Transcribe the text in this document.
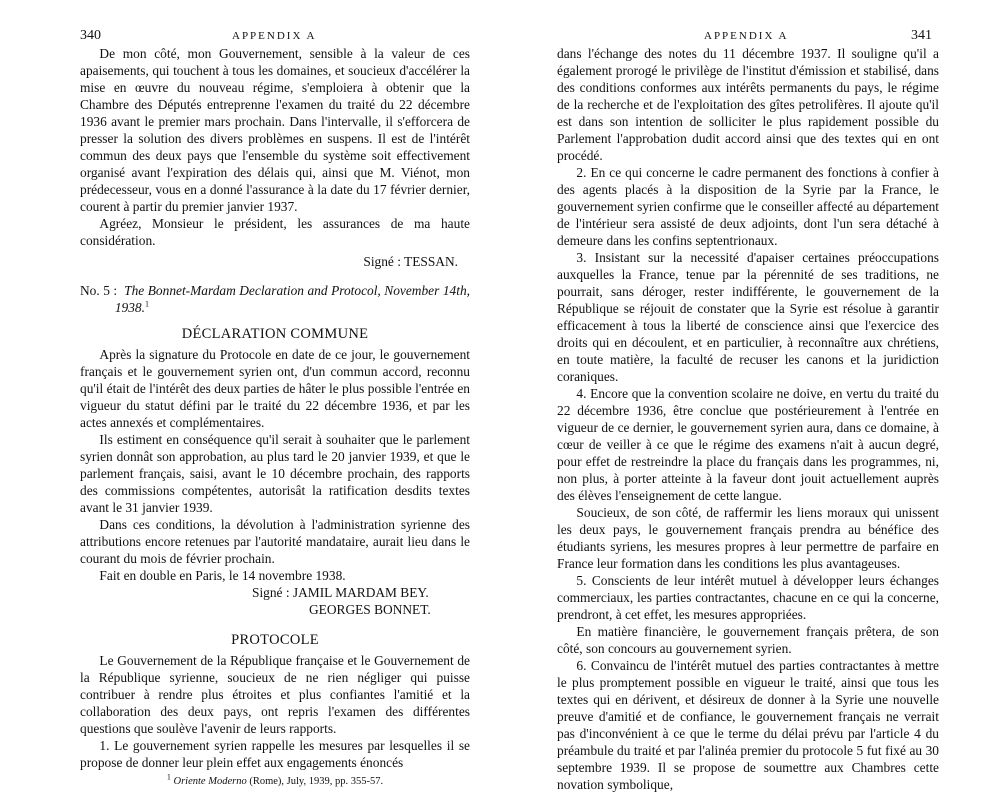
340	APPENDIX A

De mon côté, mon Gouvernement, sensible à la valeur de ces apaisements, qui touchent à tous les domaines, et soucieux d'accélérer la mise en œuvre du nouveau régime, s'emploiera à obtenir que la Chambre des Députés entreprenne l'examen du traité du 22 décembre 1936 avant le premier mars prochain. Dans l'intervalle, il s'efforcera de presser la solution des divers problèmes en suspens. Il est de l'intérêt commun des deux pays que l'ensemble du système soit effectivement organisé avant l'expiration des délais qui, ainsi que M. Viénot, mon prédecesseur, vous en a donné l'assurance à la date du 17 février dernier, courent à partir du premier janvier 1937.

Agréez, Monsieur le président, les assurances de ma haute considération.

Signé : TESSAN.

No. 5 : The Bonnet-Mardam Declaration and Protocol, November 14th, 1938.$^1$

DÉCLARATION COMMUNE

Après la signature du Protocole en date de ce jour, le gouvernement français et le gouvernement syrien ont, d'un commun accord, reconnu qu'il était de l'intérêt des deux parties de hâter le plus possible l'entrée en vigueur du statut défini par le traité du 22 décembre 1936, et par les actes annexés et complémentaires.

Ils estiment en conséquence qu'il serait à souhaiter que le parlement syrien donnât son approbation, au plus tard le 20 janvier 1939, et que le parlement français, saisi, avant le 10 décembre prochain, des rapports des commissions compétentes, autorisât la ratification desdits textes avant le 31 janvier 1939.

Dans ces conditions, la dévolution à l'administration syrienne des attributions encore retenues par l'autorité mandataire, aurait lieu dans le courant du mois de février prochain.

Fait en double en Paris, le 14 novembre 1938.

Signé : JAMIL MARDAM BEY.
GEORGES BONNET.

PROTOCOLE

Le Gouvernement de la République française et le Gouvernement de la République syrienne, soucieux de ne rien négliger qui puisse contribuer à rendre plus étroites et plus confiantes l'amitié et la collaboration des deux pays, ont repris l'examen des différentes questions que soulève l'avenir de leurs rapports.

1. Le gouvernement syrien rappelle les mesures par lesquelles il se propose de donner leur plein effet aux engagements énoncés

$^1$ Oriente Moderno (Rome), July, 1939, pp. 355-57.

APPENDIX A	341

dans l'échange des notes du 11 décembre 1937. Il souligne qu'il a également prorogé le privilège de l'institut d'émission et stabilisé, dans des conditions conformes aux intérêts permanents du pays, le régime de la recherche et de l'exploitation des gîtes petrolifères. Il ajoute qu'il est dans son intention de solliciter le plus rapidement possible du Parlement l'approbation dudit accord ainsi que des textes qui en ont procédé.

2. En ce qui concerne le cadre permanent des fonctions à confier à des agents placés à la disposition de la Syrie par la France, le gouvernement syrien confirme que le conseiller affecté au département de l'intérieur sera assisté de deux adjoints, dont l'un sera détaché à demeure dans les confins septentrionaux.

3. Insistant sur la necessité d'apaiser certaines préoccupations auxquelles la France, tenue par la pérennité de ses traditions, ne pourrait, sans déroger, rester indifférente, le gouvernement de la République se réjouit de constater que la Syrie est résolue à garantir efficacement à tous la liberté de conscience ainsi que l'exercice des droits qui en découlent, et en particulier, à reconnaître aux chrétiens, en toute matière, la faculté de recuser les canons et la juridiction coraniques.

4. Encore que la convention scolaire ne doive, en vertu du traité du 22 décembre 1936, être conclue que postérieurement à l'entrée en vigueur de ce dernier, le gouvernement syrien aura, dans ce domaine, à cœur de veiller à ce que le régime des examens n'ait à aucun degré, pour effet de restreindre la place du français dans les programmes, ni, non plus, à porter atteinte à la faveur dont jouit actuellement auprès des élèves l'enseignement de cette langue.

Soucieux, de son côté, de raffermir les liens moraux qui unissent les deux pays, le gouvernement français prendra au bénéfice des étudiants syriens, les mesures propres à leur permettre de parfaire en France leur formation dans les conditions les plus avantageuses.

5. Conscients de leur intérêt mutuel à développer leurs échanges commerciaux, les parties contractantes, chacune en ce qui la concerne, prendront, à cet effet, les mesures appropriées.

En matière financière, le gouvernement français prêtera, de son côté, son concours au gouvernement syrien.

6. Convaincu de l'intérêt mutuel des parties contractantes à mettre le plus promptement possible en vigueur le traité, ainsi que tous les textes qui en dérivent, et désireux de donner à la Syrie une nouvelle preuve d'amitié et de confiance, le gouvernement français ne verrait pas d'inconvénient à ce que le terme du délai prévu par l'article 4 du préambule du traité et par l'alinéa premier du protocole 5 fut fixé au 30 septembre 1939. Il se propose de soumettre aux Chambres cette novation symbolique,
